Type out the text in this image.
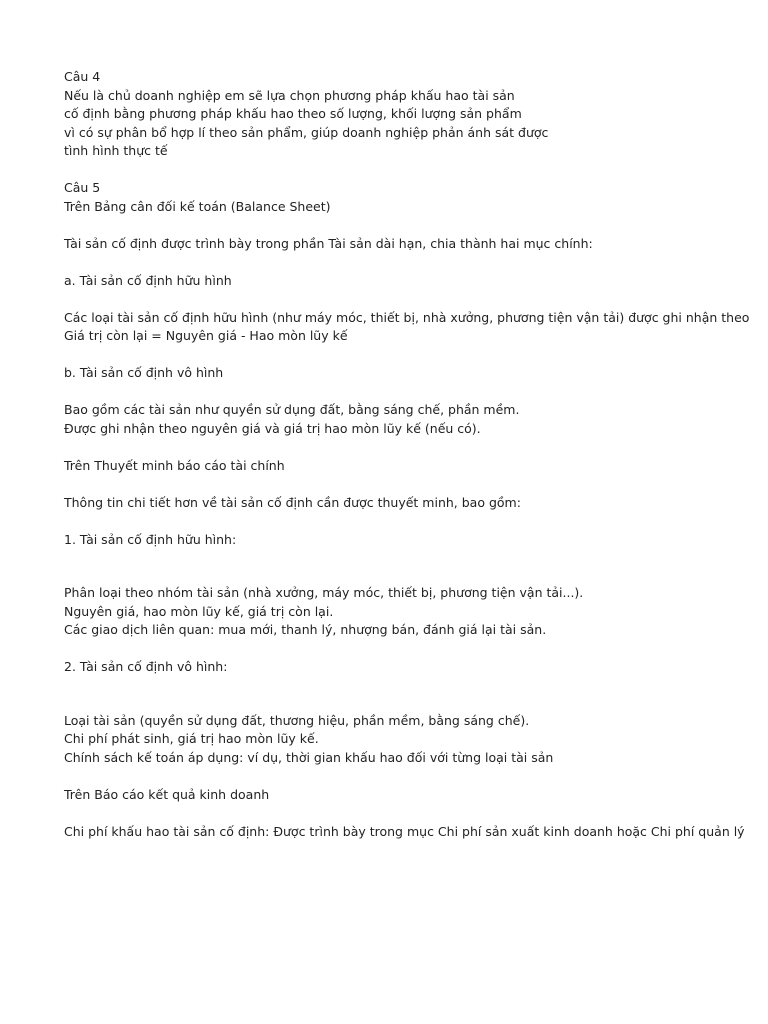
Câu 4
Nếu là chủ doanh nghiệp em sẽ lựa chọn phương pháp khấu hao tài sản
cố định bằng phương pháp khấu hao theo số lượng, khối lượng sản phẩm
vì có sự phân bổ hợp lí theo sản phẩm, giúp doanh nghiệp phản ánh sát được
tình hình thực tế
Câu 5
Trên Bảng cân đối kế toán (Balance Sheet)
Tài sản cố định được trình bày trong phần Tài sản dài hạn, chia thành hai mục chính:
a. Tài sản cố định hữu hình
Các loại tài sản cố định hữu hình (như máy móc, thiết bị, nhà xưởng, phương tiện vận tải) được ghi nhận theo
Giá trị còn lại = Nguyên giá - Hao mòn lũy kế
b. Tài sản cố định vô hình
Bao gồm các tài sản như quyền sử dụng đất, bằng sáng chế, phần mềm.
Được ghi nhận theo nguyên giá và giá trị hao mòn lũy kế (nếu có).
Trên Thuyết minh báo cáo tài chính
Thông tin chi tiết hơn về tài sản cố định cần được thuyết minh, bao gồm:
1. Tài sản cố định hữu hình:
Phân loại theo nhóm tài sản (nhà xưởng, máy móc, thiết bị, phương tiện vận tải...).
Nguyên giá, hao mòn lũy kế, giá trị còn lại.
Các giao dịch liên quan: mua mới, thanh lý, nhượng bán, đánh giá lại tài sản.
2. Tài sản cố định vô hình:
Loại tài sản (quyền sử dụng đất, thương hiệu, phần mềm, bằng sáng chế).
Chi phí phát sinh, giá trị hao mòn lũy kế.
Chính sách kế toán áp dụng: ví dụ, thời gian khấu hao đối với từng loại tài sản
Trên Báo cáo kết quả kinh doanh
Chi phí khấu hao tài sản cố định: Được trình bày trong mục Chi phí sản xuất kinh doanh hoặc Chi phí quản lý
